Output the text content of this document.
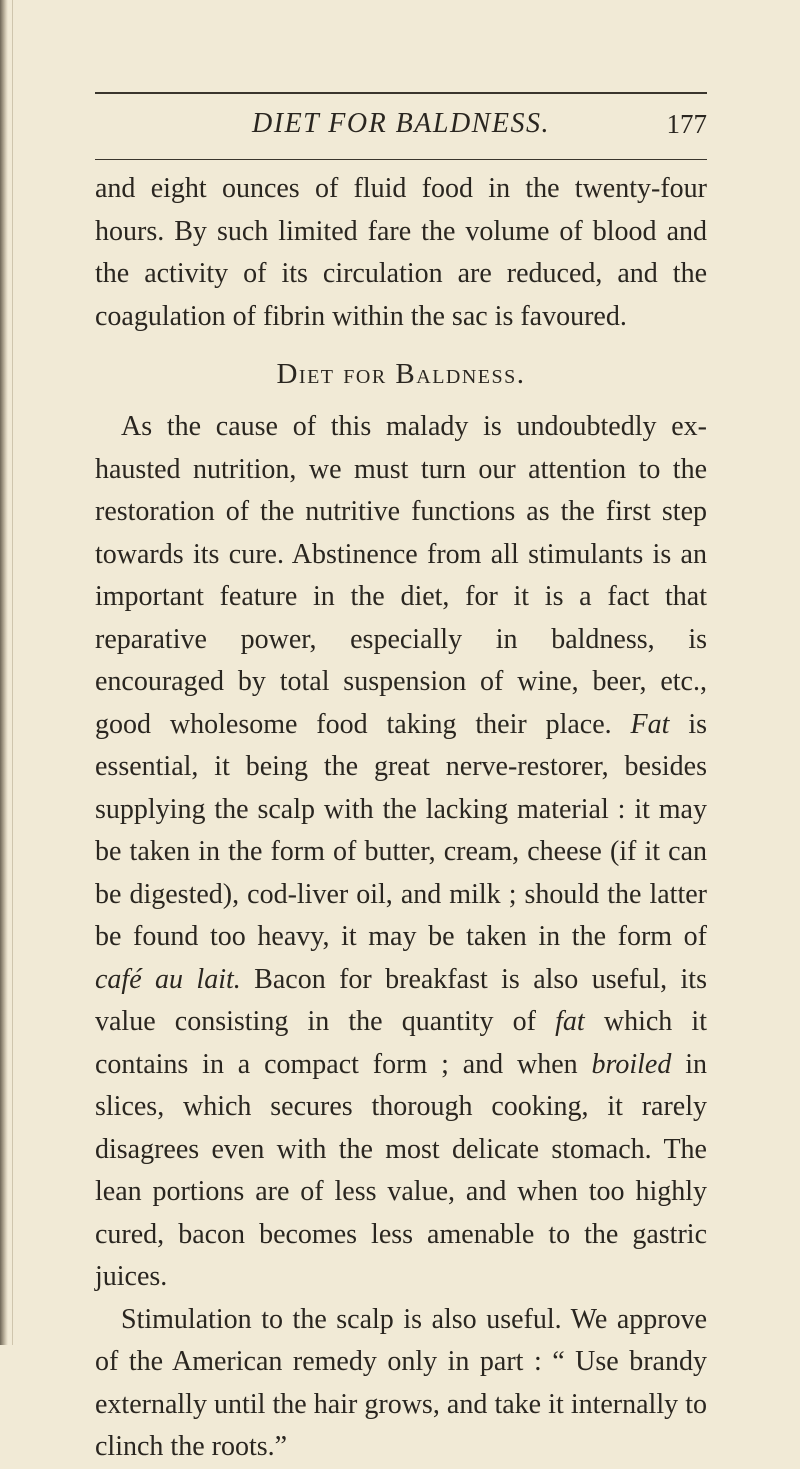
DIET FOR BALDNESS.	177

and eight ounces of fluid food in the twenty-four hours. By such limited fare the volume of blood and the activity of its circulation are reduced, and the coagulation of fibrin within the sac is favoured.

Diet for Baldness.

As the cause of this malady is undoubtedly exhausted nutrition, we must turn our attention to the restoration of the nutritive functions as the first step towards its cure. Abstinence from all stimulants is an important feature in the diet, for it is a fact that reparative power, especially in baldness, is encouraged by total suspension of wine, beer, etc., good wholesome food taking their place. Fat is essential, it being the great nerve-restorer, besides supplying the scalp with the lacking material : it may be taken in the form of butter, cream, cheese (if it can be digested), cod-liver oil, and milk ; should the latter be found too heavy, it may be taken in the form of café au lait. Bacon for breakfast is also useful, its value consisting in the quantity of fat which it contains in a compact form ; and when broiled in slices, which secures thorough cooking, it rarely disagrees even with the most delicate stomach. The lean portions are of less value, and when too highly cured, bacon becomes less amenable to the gastric juices.

Stimulation to the scalp is also useful. We approve of the American remedy only in part : “ Use brandy externally until the hair grows, and take it internally to clinch the roots.”
